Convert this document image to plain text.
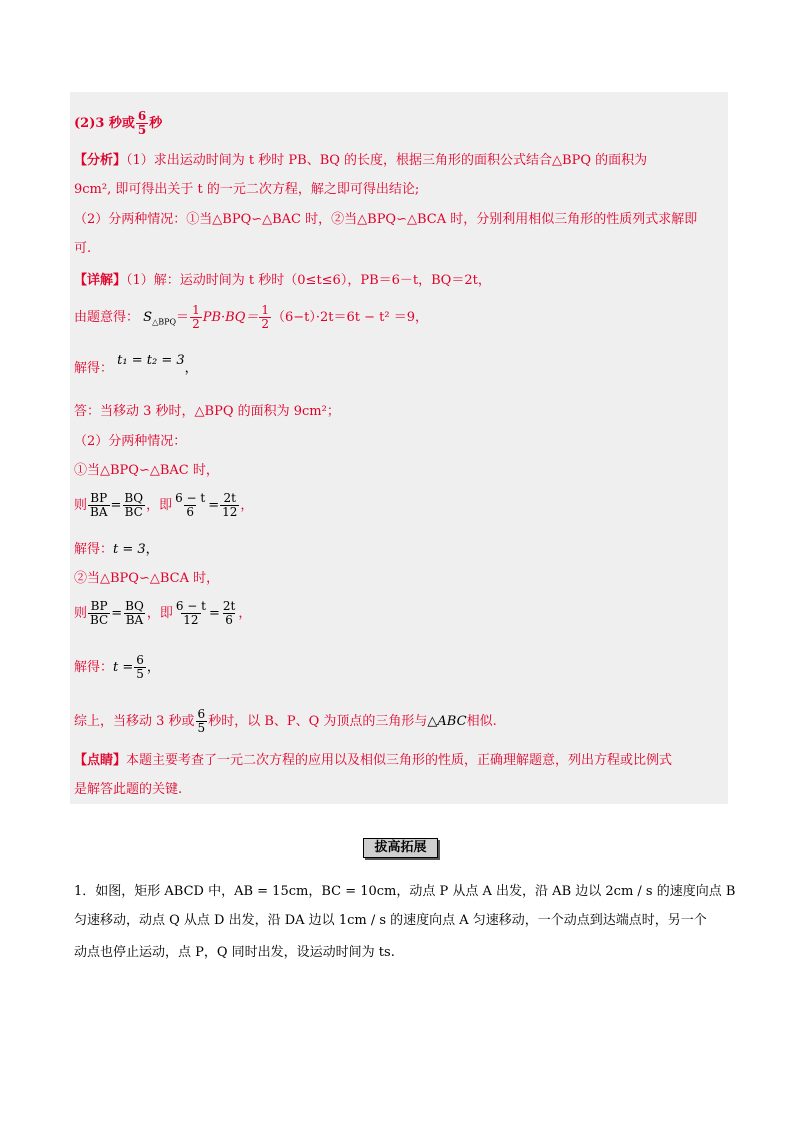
(2)3 秒或 $\frac{6}{5}$ 秒
【分析】（1）求出运动时间为 t 秒时 PB、BQ 的长度，根据三角形的面积公式结合△BPQ 的面积为
9cm², 即可得出关于 t 的一元二次方程，解之即可得出结论;
（2）分两种情况：①当△BPQ∽△BAC 时，②当△BPQ∽△BCA 时，分别利用相似三角形的性质列式求解即
可.
【详解】（1）解：运动时间为 t 秒时（0≤t≤6），PB＝6－t，BQ＝2t，
由题意得： $S_{\triangle BPQ}= \frac{1}{2} PB\cdot BQ= \frac{1}{2} (6-t)\cdot 2t=6t - t^2 =9$，
解得： t₁ = t₂ = 3，
答：当移动 3 秒时，△BPQ 的面积为 9cm²；
（2）分两种情况：
①当△BPQ∽△BAC 时，
则 $\frac{BP}{BA} = \frac{BQ}{BC}$ ，即 $\frac{6 - t}{6} = \frac{2t}{12}$ ，
解得：t = 3，
②当△BPQ∽△BCA 时，
则 $\frac{BP}{BC} = \frac{BQ}{BA}$ ，即 $\frac{6 - t}{12} = \frac{2t}{6}$ ，
解得：$t = \frac{6}{5}$ ，
综上，当移动 3 秒或 $\frac{6}{5}$ 秒时，以 B、P、Q 为顶点的三角形与△ABC相似.
【点睛】本题主要考查了一元二次方程的应用以及相似三角形的性质，正确理解题意，列出方程或比例式
是解答此题的关键.
拔高拓展
1．如图，矩形 ABCD 中，AB = 15cm，BC = 10cm，动点 P 从点 A 出发，沿 AB 边以 2cm / s 的速度向点 B
匀速移动，动点 Q 从点 D 出发，沿 DA 边以 1cm / s 的速度向点 A 匀速移动，一个动点到达端点时，另一个
动点也停止运动，点 P，Q 同时出发，设运动时间为 ts.
